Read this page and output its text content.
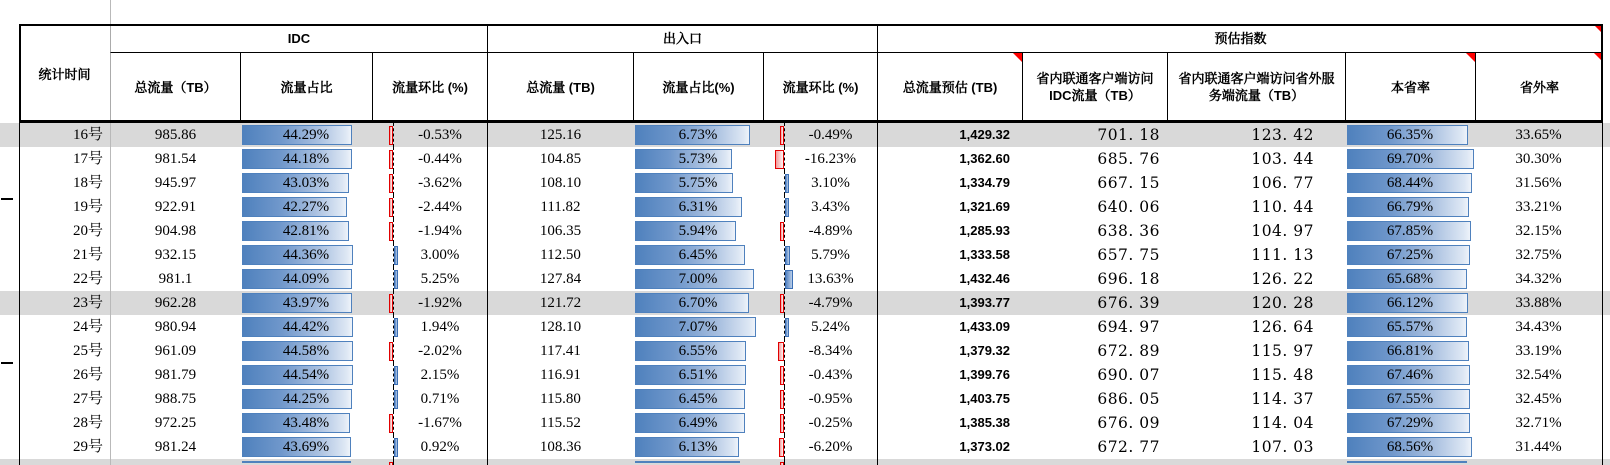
统计时间
IDC	出入口	预估指数
总流量（TB）	流量占比	流量环比 (%)	总流量 (TB)	流量占比(%)	流量环比 (%)	总流量预估 (TB)
省内联通客户端访问IDC流量（TB）
省内联通客户端访问省外服务端流量（TB）
本省率	省外率
16号	985.86	44.29%	-0.53%	125.16	6.73%	-0.49%	1,429.32	701. 18	123. 42	66.35%	33.65%
17号	981.54	44.18%	-0.44%	104.85	5.73%	-16.23%	1,362.60	685. 76	103. 44	69.70%	30.30%
18号	945.97	43.03%	-3.62%	108.10	5.75%	3.10%	1,334.79	667. 15	106. 77	68.44%	31.56%
19号	922.91	42.27%	-2.44%	111.82	6.31%	3.43%	1,321.69	640. 06	110. 44	66.79%	33.21%
20号	904.98	42.81%	-1.94%	106.35	5.94%	-4.89%	1,285.93	638. 36	104. 97	67.85%	32.15%
21号	932.15	44.36%	3.00%	112.50	6.45%	5.79%	1,333.58	657. 75	111. 13	67.25%	32.75%
22号	981.1	44.09%	5.25%	127.84	7.00%	13.63%	1,432.46	696. 18	126. 22	65.68%	34.32%
23号	962.28	43.97%	-1.92%	121.72	6.70%	-4.79%	1,393.77	676. 39	120. 28	66.12%	33.88%
24号	980.94	44.42%	1.94%	128.10	7.07%	5.24%	1,433.09	694. 97	126. 64	65.57%	34.43%
25号	961.09	44.58%	-2.02%	117.41	6.55%	-8.34%	1,379.32	672. 89	115. 97	66.81%	33.19%
26号	981.79	44.54%	2.15%	116.91	6.51%	-0.43%	1,399.76	690. 07	115. 48	67.46%	32.54%
27号	988.75	44.25%	0.71%	115.80	6.45%	-0.95%	1,403.75	686. 05	114. 37	67.55%	32.45%
28号	972.25	43.48%	-1.67%	115.52	6.49%	-0.25%	1,385.38	676. 09	114. 04	67.29%	32.71%
29号	981.24	43.69%	0.92%	108.36	6.13%	-6.20%	1,373.02	672. 77	107. 03	68.56%	31.44%
